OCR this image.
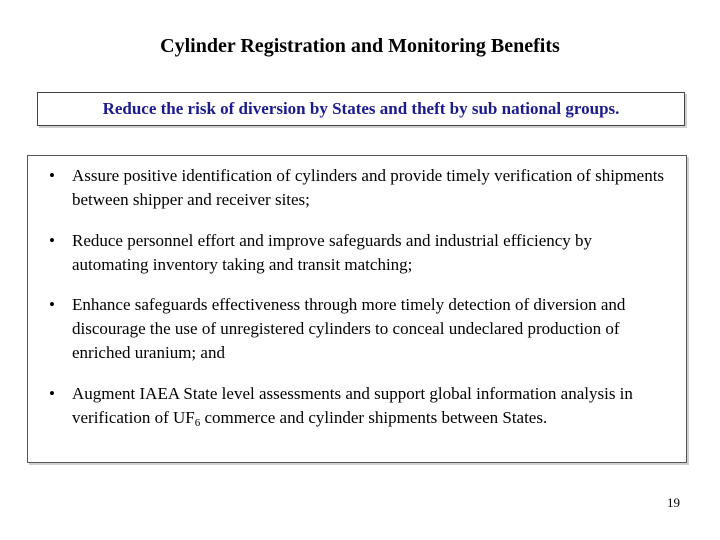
Cylinder Registration and Monitoring Benefits
Reduce the risk of diversion by States and theft by sub national groups.
•	Assure positive identification of cylinders and provide timely verification of shipments between shipper and receiver sites;
•	Reduce personnel effort and improve safeguards and industrial efficiency by automating inventory taking and transit matching;
•	Enhance safeguards effectiveness through more timely detection of diversion and discourage the use of unregistered cylinders to conceal undeclared production of enriched uranium; and
•	Augment IAEA State level assessments and support global information analysis in verification of $UF_6$ commerce and cylinder shipments between States.
19
